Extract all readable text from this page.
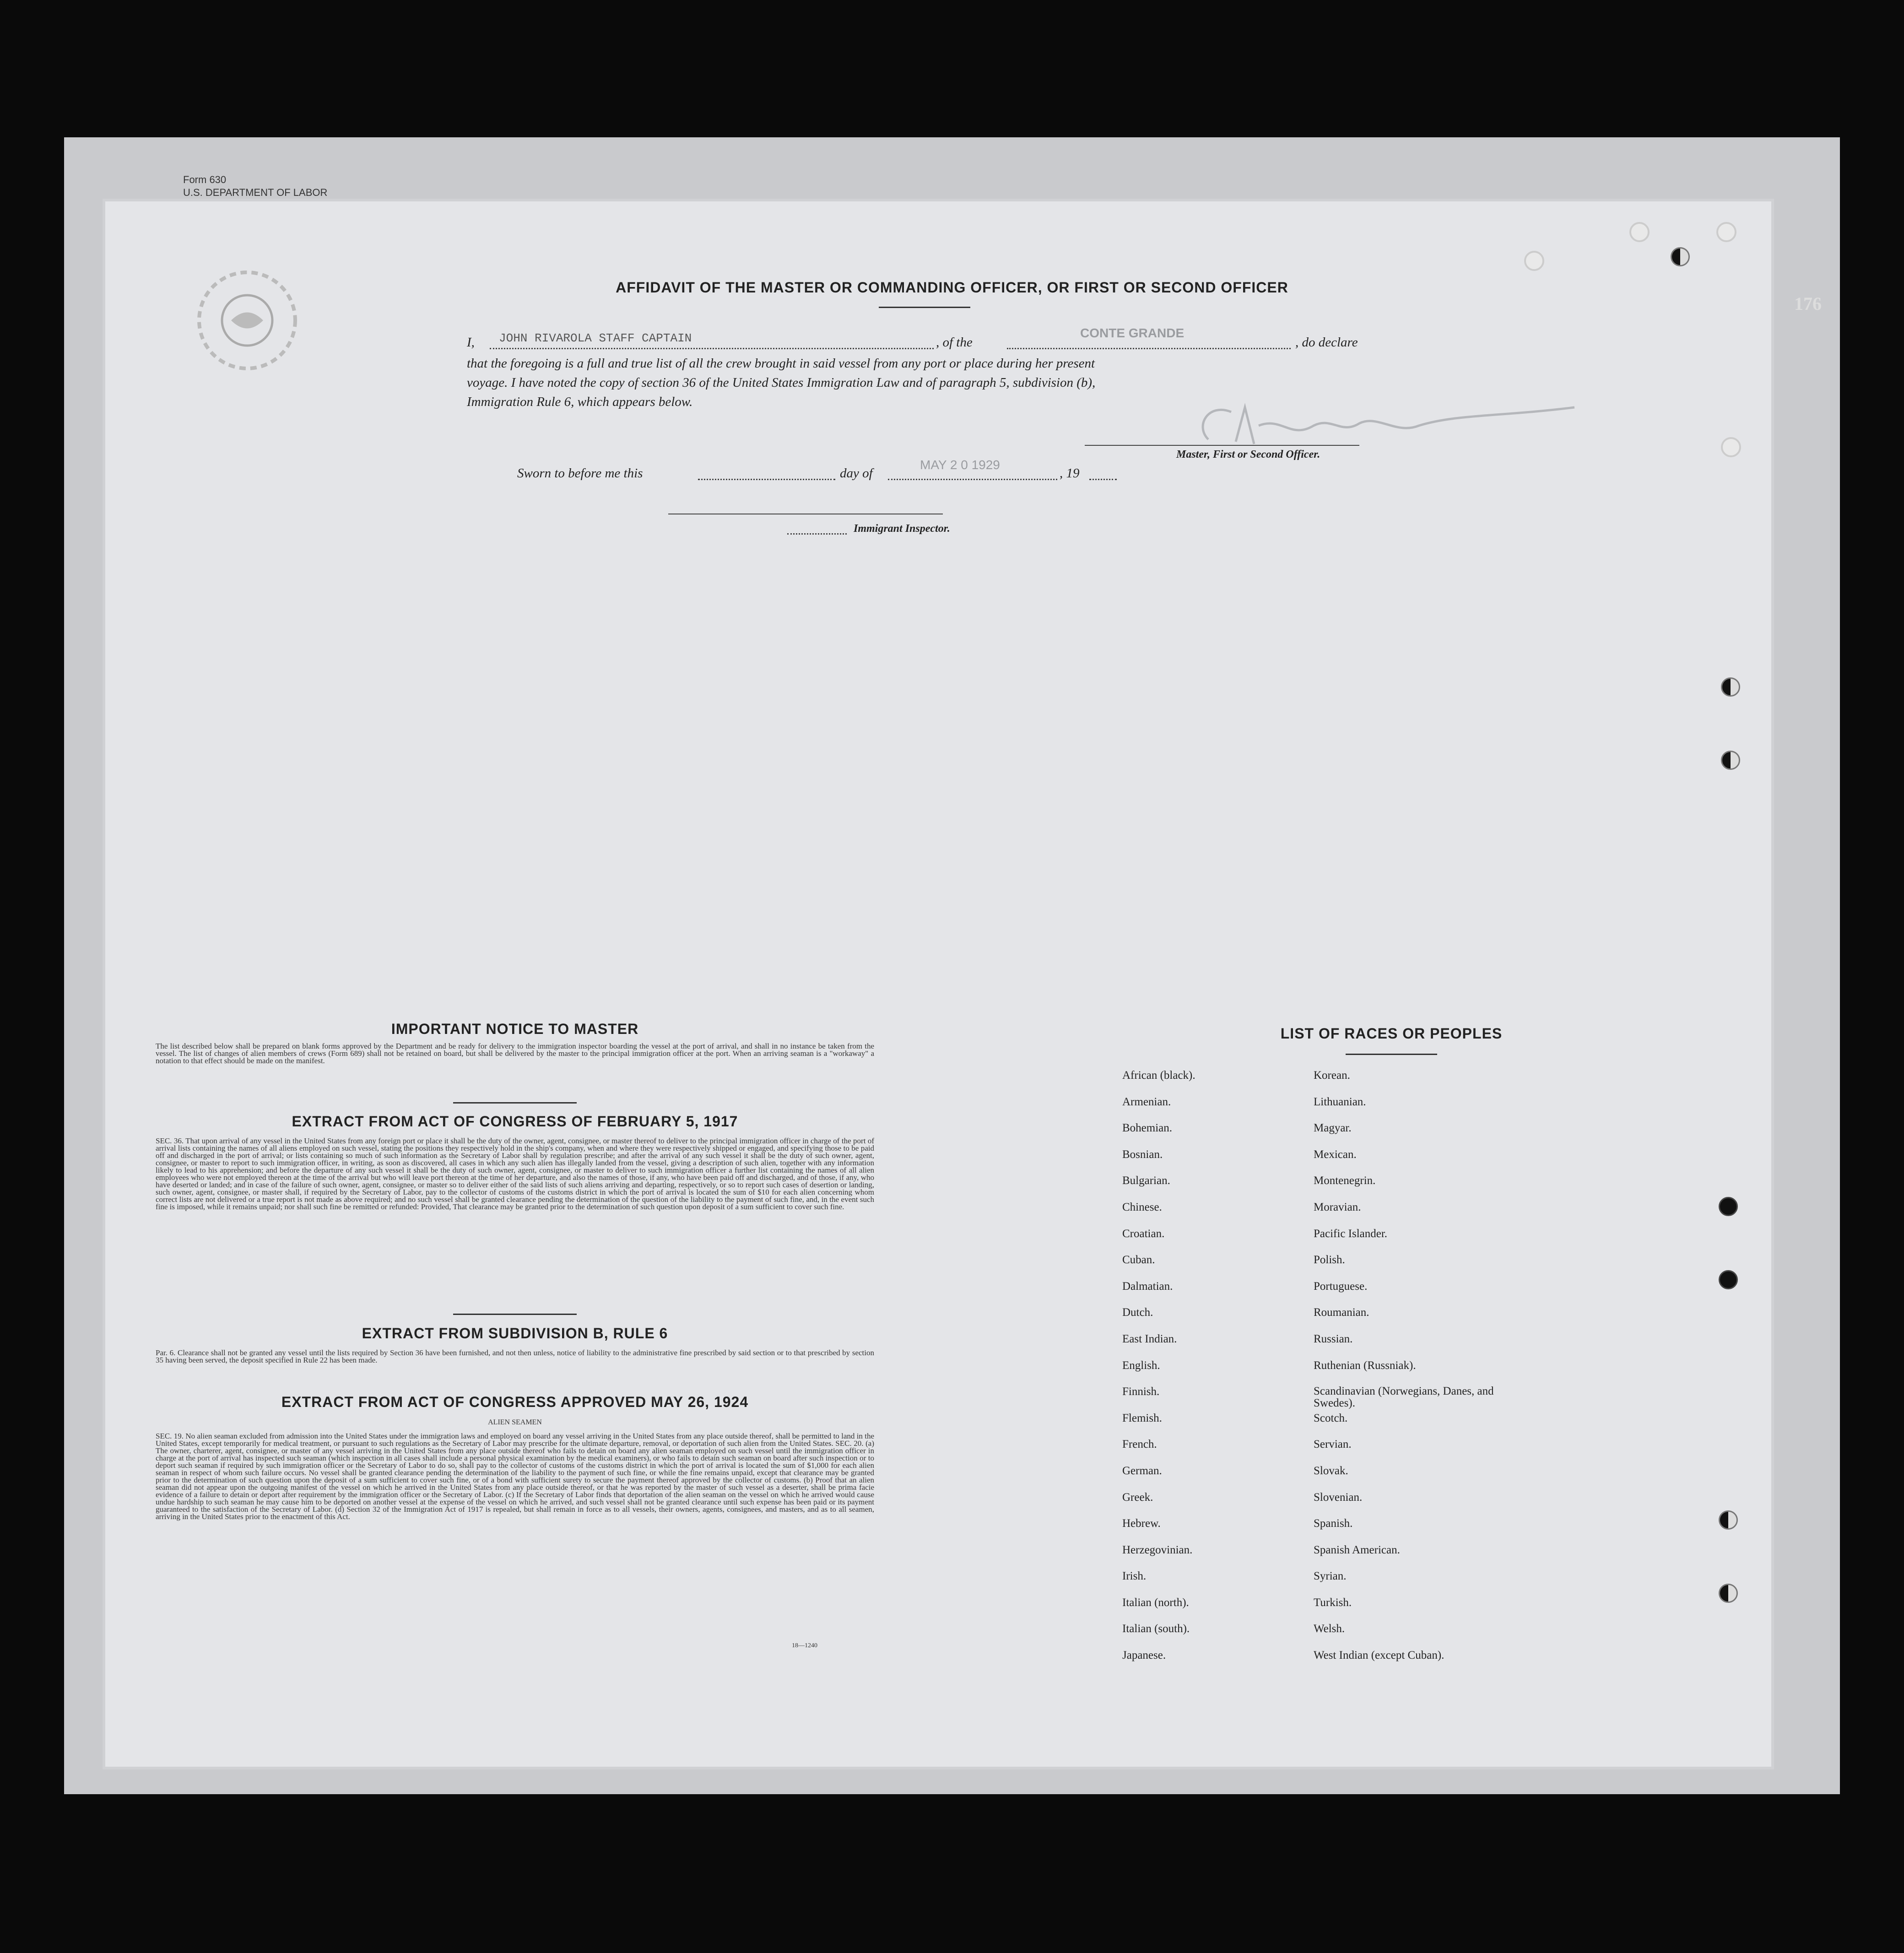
Form 630
U.S. DEPARTMENT OF LABOR
176
AFFIDAVIT OF THE MASTER OR COMMANDING OFFICER, OR FIRST OR SECOND OFFICER
I, JOHN RIVAROLA STAFF CAPTAIN	, of the
CONTE GRANDE
, do declare
that the foregoing is a full and true list of all the crew brought in said vessel from any port or place during her present
voyage. I have noted the copy of section 36 of the United States Immigration Law and of paragraph 5, subdivision (b),
Immigration Rule 6, which appears below.
Master, First or Second Officer.
Sworn to before me this	day of
MAY 2 0 1929
, 19
Immigrant Inspector.
IMPORTANT NOTICE TO MASTER
The list described below shall be prepared on blank forms approved by the Department and be ready for delivery to the immigration inspector boarding the vessel at the port of arrival, and shall in no instance be taken from the vessel. The list of changes of alien members of crews (Form 689) shall not be retained on board, but shall be delivered by the master to the principal immigration officer at the port. When an arriving seaman is a "workaway" a notation to that effect should be made on the manifest.
EXTRACT FROM ACT OF CONGRESS OF FEBRUARY 5, 1917
SEC. 36. That upon arrival of any vessel in the United States from any foreign port or place it shall be the duty of the owner, agent, consignee, or master thereof to deliver to the principal immigration officer in charge of the port of arrival lists containing the names of all aliens employed on such vessel, stating the positions they respectively hold in the ship's company, when and where they were respectively shipped or engaged, and specifying those to be paid off and discharged in the port of arrival; or lists containing so much of such information as the Secretary of Labor shall by regulation prescribe; and after the arrival of any such vessel it shall be the duty of such owner, agent, consignee, or master to report to such immigration officer, in writing, as soon as discovered, all cases in which any such alien has illegally landed from the vessel, giving a description of such alien, together with any information likely to lead to his apprehension; and before the departure of any such vessel it shall be the duty of such owner, agent, consignee, or master to deliver to such immigration officer a further list containing the names of all alien employees who were not employed thereon at the time of the arrival but who will leave port thereon at the time of her departure, and also the names of those, if any, who have been paid off and discharged, and of those, if any, who have deserted or landed; and in case of the failure of such owner, agent, consignee, or master so to deliver either of the said lists of such aliens arriving and departing, respectively, or so to report such cases of desertion or landing, such owner, agent, consignee, or master shall, if required by the Secretary of Labor, pay to the collector of customs of the customs district in which the port of arrival is located the sum of $10 for each alien concerning whom correct lists are not delivered or a true report is not made as above required; and no such vessel shall be granted clearance pending the determination of the question of the liability to the payment of such fine, and, in the event such fine is imposed, while it remains unpaid; nor shall such fine be remitted or refunded: Provided, That clearance may be granted prior to the determination of such question upon deposit of a sum sufficient to cover such fine.
EXTRACT FROM SUBDIVISION B, RULE 6
Par. 6. Clearance shall not be granted any vessel until the lists required by Section 36 have been furnished, and not then unless, notice of liability to the administrative fine prescribed by said section or to that prescribed by section 35 having been served, the deposit specified in Rule 22 has been made.
EXTRACT FROM ACT OF CONGRESS APPROVED MAY 26, 1924
ALIEN SEAMEN
SEC. 19. No alien seaman excluded from admission into the United States under the immigration laws and employed on board any vessel arriving in the United States from any place outside thereof, shall be permitted to land in the United States, except temporarily for medical treatment, or pursuant to such regulations as the Secretary of Labor may prescribe for the ultimate departure, removal, or deportation of such alien from the United States. SEC. 20. (a) The owner, charterer, agent, consignee, or master of any vessel arriving in the United States from any place outside thereof who fails to detain on board any alien seaman employed on such vessel until the immigration officer in charge at the port of arrival has inspected such seaman (which inspection in all cases shall include a personal physical examination by the medical examiners), or who fails to detain such seaman on board after such inspection or to deport such seaman if required by such immigration officer or the Secretary of Labor to do so, shall pay to the collector of customs of the customs district in which the port of arrival is located the sum of $1,000 for each alien seaman in respect of whom such failure occurs. No vessel shall be granted clearance pending the determination of the liability to the payment of such fine, or while the fine remains unpaid, except that clearance may be granted prior to the determination of such question upon the deposit of a sum sufficient to cover such fine, or of a bond with sufficient surety to secure the payment thereof approved by the collector of customs. (b) Proof that an alien seaman did not appear upon the outgoing manifest of the vessel on which he arrived in the United States from any place outside thereof, or that he was reported by the master of such vessel as a deserter, shall be prima facie evidence of a failure to detain or deport after requirement by the immigration officer or the Secretary of Labor. (c) If the Secretary of Labor finds that deportation of the alien seaman on the vessel on which he arrived would cause undue hardship to such seaman he may cause him to be deported on another vessel at the expense of the vessel on which he arrived, and such vessel shall not be granted clearance until such expense has been paid or its payment guaranteed to the satisfaction of the Secretary of Labor. (d) Section 32 of the Immigration Act of 1917 is repealed, but shall remain in force as to all vessels, their owners, agents, consignees, and masters, and as to all seamen, arriving in the United States prior to the enactment of this Act.
18—1240
LIST OF RACES OR PEOPLES
African (black).
Armenian.
Bohemian.
Bosnian.
Bulgarian.
Chinese.
Croatian.
Cuban.
Dalmatian.
Dutch.
East Indian.
English.
Finnish.
Flemish.
French.
German.
Greek.
Hebrew.
Herzegovinian.
Irish.
Italian (north).
Italian (south).
Japanese.
Korean.
Lithuanian.
Magyar.
Mexican.
Montenegrin.
Moravian.
Pacific Islander.
Polish.
Portuguese.
Roumanian.
Russian.
Ruthenian (Russniak).
Scandinavian (Norwegians, Danes, and Swedes).
Scotch.
Servian.
Slovak.
Slovenian.
Spanish.
Spanish American.
Syrian.
Turkish.
Welsh.
West Indian (except Cuban).
